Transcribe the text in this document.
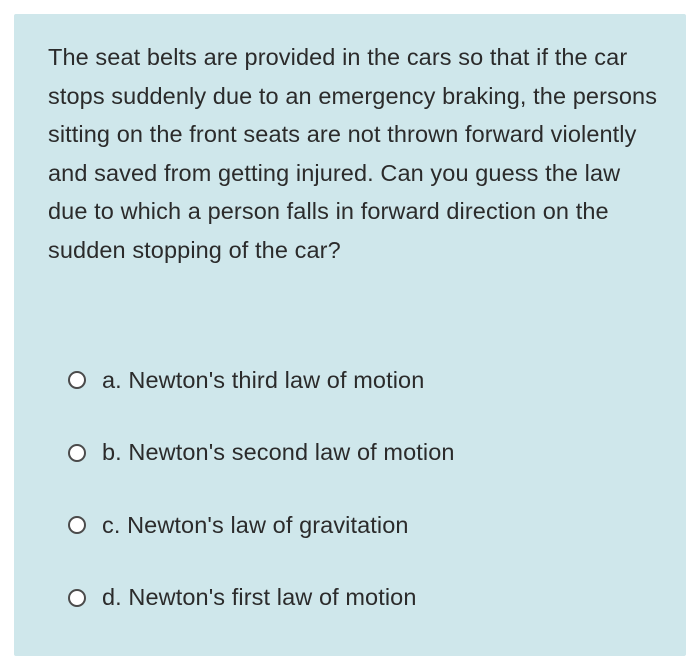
The seat belts are provided in the cars so that if the car stops suddenly due to an emergency braking, the persons sitting on the front seats are not thrown forward violently and saved from getting injured. Can you guess the law due to which a person falls in forward direction on the sudden stopping of the car?
a. Newton's third law of motion
b. Newton's second law of motion
c. Newton's law of gravitation
d. Newton's first law of motion
